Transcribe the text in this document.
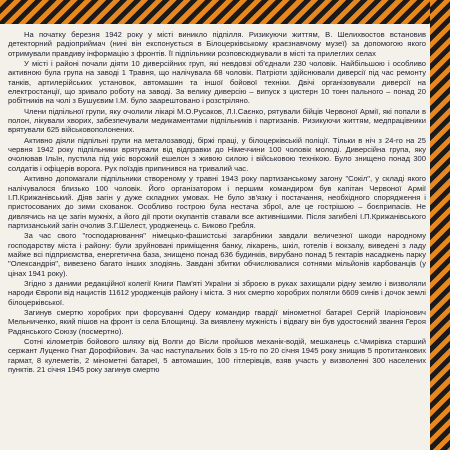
На початку березня 1942 року у місті виникло підпілля. Ризикуючи життям, В. Шелихвостов встановив детекторний радіоприймач (нині він експонується в Білоцерківському краєзнавчому музеї) за допомогою якого отримували правдиву інформацію з фронтів. Її підпільники розповсюджували в місті та прилеглих селах

У місті і районі почали діяти 10 диверсійних груп, які невдовзі об'єднали 230 чоловік. Найбільшою і особливо активною була група на заводі 1 Травня, що налічувала 68 чоловік. Патріоти здійснювали диверсії під час ремонту танків, артилерійських установок, автомашин та іншої бойової техніки. Двічі організовували диверсії на електростанції, що зривало роботу на заводі. За велику диверсію – випуск з цистерн 10 тонн пального – понад 20 робітників на чолі з Бушуєвим І.М. було заарештовано і розстріляно.

Члени підпільної групи, яку очолили лікарі М.О.Русаков, Л.І.Саєнко, рятували бійців Червоної Армії, які попали в полон, лікували хворих, забезпечували медикаментами підпільників і партизанів. Ризикуючи життям, медпрацівники врятували 625 військовополонених.

Активно діяли підпільні групи на металозаводі, біржі праці, у білоцерківській поліції. Тільки в ніч з 24-го на 25 червня 1942 року підпільники врятували від відправки до Німеччини 100 чоловік молоді. Диверсійна група, яку очолював Ільїн, пустила під укіс ворожий ешелон з живою силою і військовою технікою. Було знищено понад 300 солдатів і офіцерів ворога. Рух поїздів припинився на тривалий час.

Активно допомагали підпільники створеному у травні 1943 року партизанському загону "Сокіл", у складі якого налічувалося близько 100 чоловік. Його організатором і першим командиром був капітан Червоної Армії І.П.Крижанівський. Діяв загін у дуже складних умовах. Не було зв'язку і постачання, необхідного спорядження і пристосованих до зими схованок. Особливо гострою була нестача зброї, але це гострішою – боєприпасів. Не дивлячись на це загін мужніх, а його дії проти окупантів ставали все активнішими. Після загибелі І.П.Крижанівського партизанський загін очолив З.Г.Шелест, уродженець с. Биково Гребля.

За час свого "господарювання" німецько-фашистські загарбники завдали величезної шкоди народному господарству міста і району: були зруйновані приміщення банку, лікарень, шкіл, готелів і вокзалу, виведені з ладу майже всі підприємства, енергетична база, знищено понад 636 будинків, вирубано понад 5 гектарів насаджень парку "Олександрія", вивезено багато інших злодіянь. Завдані збитки обчислювалися сотнями мільйонів карбованців (у цінах 1941 року).

Згідно з даними редакційної колегії Книги Пам'яті України зі зброєю в руках захищали рідну землю і визволяли народи Європи від нацистів 11612 уродженців району і міста. З них смертю хоробрих полягли 6609 синів і дочок землі білоцерківської.

Загинув смертю хоробрих при форсуванні Одеру командир гвардії мінометної батареї Сергій Іларіонович Мельниченко, який пішов на фронт із села Блощинці. За виявлену мужність і відвагу він був удостоєний звання Героя Радянського Союзу (посмертно).

Сотні кілометрів бойового шляху від Волги до Вісли пройшов механік-водій, мешканець с.Чмирівка старший сержант Луценко Гнат Дорофійович. За час наступальних боїв з 15-го по 20 січня 1945 року знищив 5 протитанкових гармат, 8 кулеметів, 2 мінометні батареї, 5 автомашин, 100 гітлерівців, взяв участь у визволенні 300 населених пунктів. 21 січня 1945 року загинув смертю
